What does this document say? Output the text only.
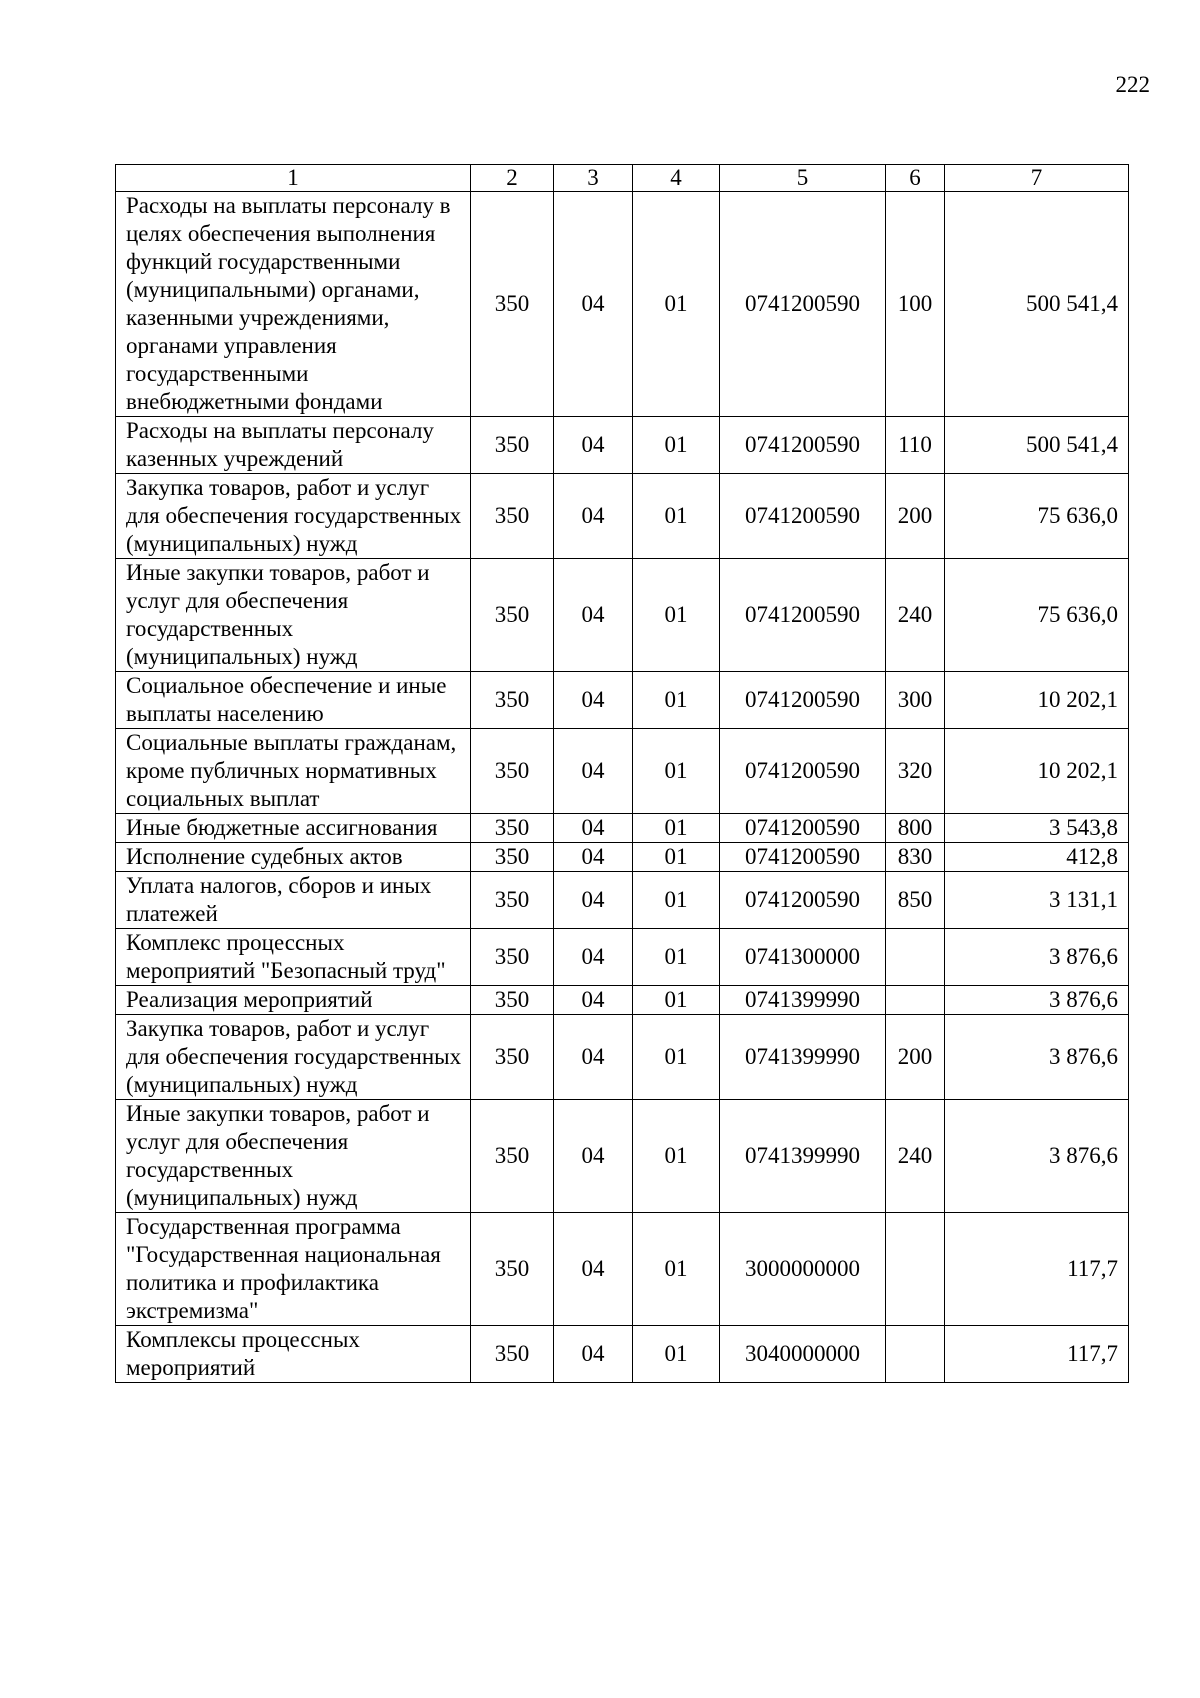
222
1	2	3	4	5	6	7
Расходы на выплаты персоналу в целях обеспечения выполнения функций государственными (муниципальными) органами, казенными учреждениями, органами управления государственными внебюджетными фондами	350	04	01	0741200590	100	500 541,4
Расходы на выплаты персоналу казенных учреждений	350	04	01	0741200590	110	500 541,4
Закупка товаров, работ и услуг для обеспечения государственных (муниципальных) нужд	350	04	01	0741200590	200	75 636,0
Иные закупки товаров, работ и услуг для обеспечения государственных (муниципальных) нужд	350	04	01	0741200590	240	75 636,0
Социальное обеспечение и иные выплаты населению	350	04	01	0741200590	300	10 202,1
Социальные выплаты гражданам, кроме публичных нормативных социальных выплат	350	04	01	0741200590	320	10 202,1
Иные бюджетные ассигнования	350	04	01	0741200590	800	3 543,8
Исполнение судебных актов	350	04	01	0741200590	830	412,8
Уплата налогов, сборов и иных платежей	350	04	01	0741200590	850	3 131,1
Комплекс процессных мероприятий "Безопасный труд"	350	04	01	0741300000		3 876,6
Реализация мероприятий	350	04	01	0741399990		3 876,6
Закупка товаров, работ и услуг для обеспечения государственных (муниципальных) нужд	350	04	01	0741399990	200	3 876,6
Иные закупки товаров, работ и услуг для обеспечения государственных (муниципальных) нужд	350	04	01	0741399990	240	3 876,6
Государственная программа "Государственная национальная политика и профилактика экстремизма"	350	04	01	3000000000		117,7
Комплексы процессных мероприятий	350	04	01	3040000000		117,7
